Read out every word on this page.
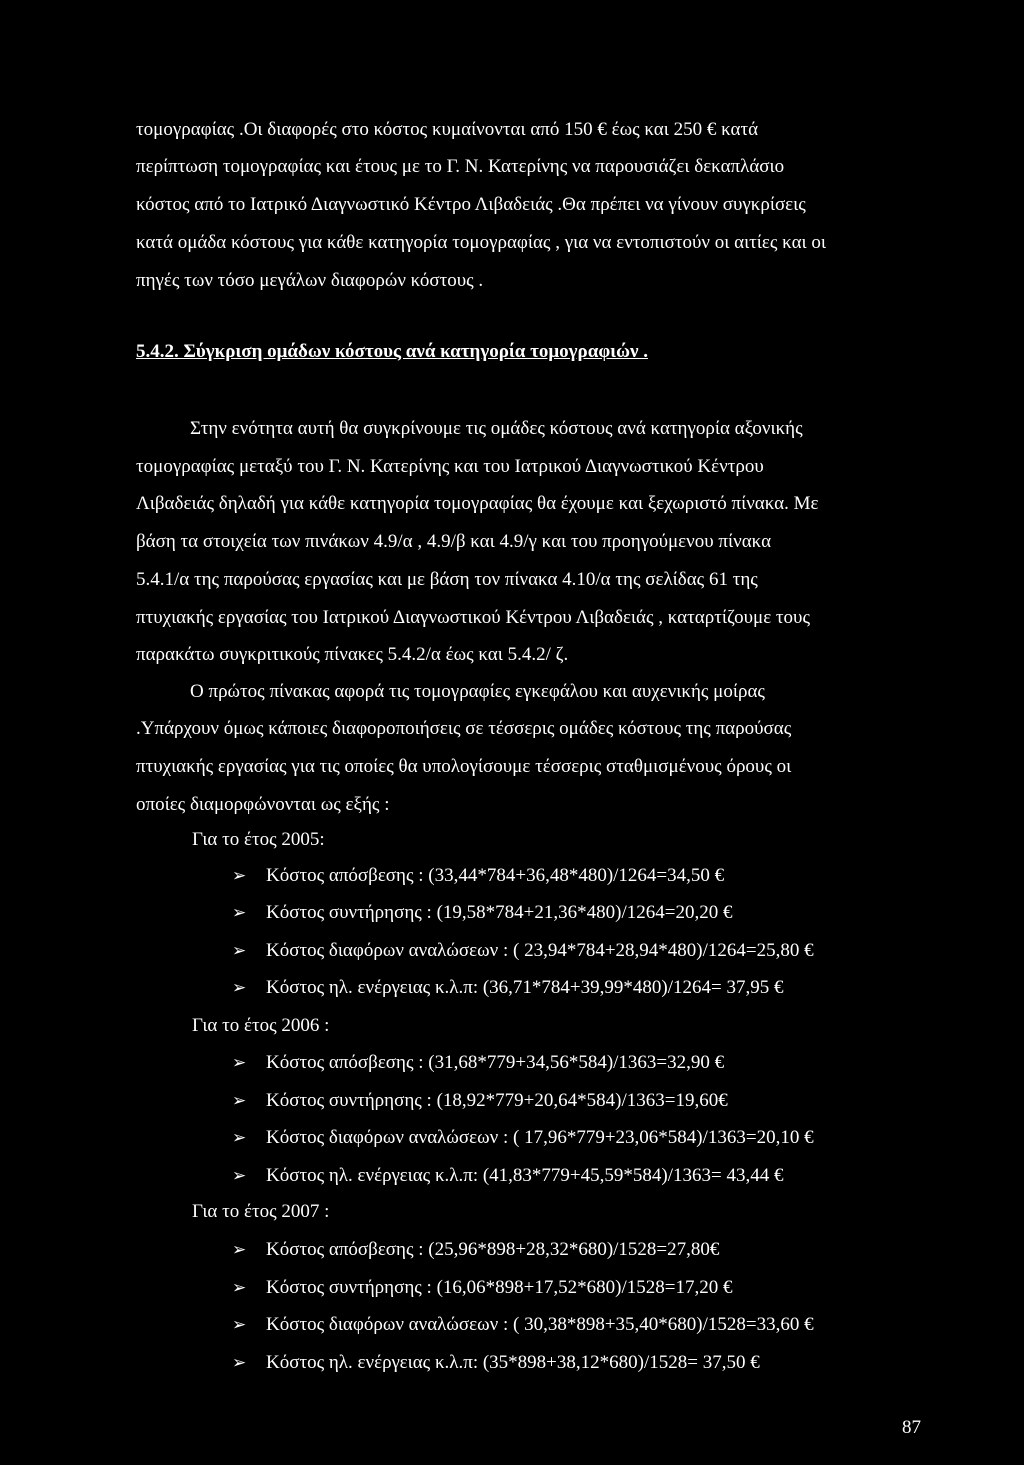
τομογραφίας .Οι διαφορές στο κόστος κυμαίνονται από 150 € έως και 250 € κατά
περίπτωση τομογραφίας και έτους με το Γ. Ν. Κατερίνης να παρουσιάζει δεκαπλάσιο
κόστος από το Ιατρικό Διαγνωστικό Κέντρο Λιβαδειάς .Θα πρέπει να γίνουν συγκρίσεις
κατά ομάδα κόστους για κάθε κατηγορία τομογραφίας , για να εντοπιστούν οι αιτίες και οι
πηγές των τόσο μεγάλων διαφορών κόστους .
5.4.2. Σύγκριση ομάδων κόστους ανά κατηγορία τομογραφιών .
Στην ενότητα αυτή θα συγκρίνουμε τις ομάδες κόστους ανά κατηγορία αξονικής
τομογραφίας μεταξύ του Γ. Ν. Κατερίνης και του Ιατρικού Διαγνωστικού Κέντρου
Λιβαδειάς δηλαδή για κάθε κατηγορία τομογραφίας θα έχουμε και ξεχωριστό πίνακα. Με
βάση τα στοιχεία των πινάκων 4.9/α , 4.9/β και 4.9/γ και του προηγούμενου πίνακα
5.4.1/α της παρούσας εργασίας και με βάση τον πίνακα 4.10/α της σελίδας 61 της
πτυχιακής εργασίας του Ιατρικού Διαγνωστικού Κέντρου Λιβαδειάς , καταρτίζουμε τους
παρακάτω συγκριτικούς πίνακες 5.4.2/α έως και 5.4.2/ ζ.
Ο πρώτος πίνακας αφορά τις τομογραφίες εγκεφάλου και αυχενικής μοίρας
.Υπάρχουν όμως κάποιες διαφοροποιήσεις σε τέσσερις ομάδες κόστους της παρούσας
πτυχιακής εργασίας για τις οποίες θα υπολογίσουμε τέσσερις σταθμισμένους όρους οι
οποίες διαμορφώνονται ως εξής :
Για το έτος 2005:
➢ Κόστος απόσβεσης : (33,44*784+36,48*480)/1264=34,50 €
➢ Κόστος συντήρησης : (19,58*784+21,36*480)/1264=20,20 €
➢ Κόστος διαφόρων αναλώσεων : ( 23,94*784+28,94*480)/1264=25,80 €
➢ Κόστος ηλ. ενέργειας κ.λ.π: (36,71*784+39,99*480)/1264= 37,95 €
Για το έτος 2006 :
➢ Κόστος απόσβεσης : (31,68*779+34,56*584)/1363=32,90 €
➢ Κόστος συντήρησης : (18,92*779+20,64*584)/1363=19,60€
➢ Κόστος διαφόρων αναλώσεων : ( 17,96*779+23,06*584)/1363=20,10 €
➢ Κόστος ηλ. ενέργειας κ.λ.π: (41,83*779+45,59*584)/1363= 43,44 €
Για το έτος 2007 :
➢ Κόστος απόσβεσης : (25,96*898+28,32*680)/1528=27,80€
➢ Κόστος συντήρησης : (16,06*898+17,52*680)/1528=17,20 €
➢ Κόστος διαφόρων αναλώσεων : ( 30,38*898+35,40*680)/1528=33,60 €
➢ Κόστος ηλ. ενέργειας κ.λ.π: (35*898+38,12*680)/1528= 37,50 €
87
